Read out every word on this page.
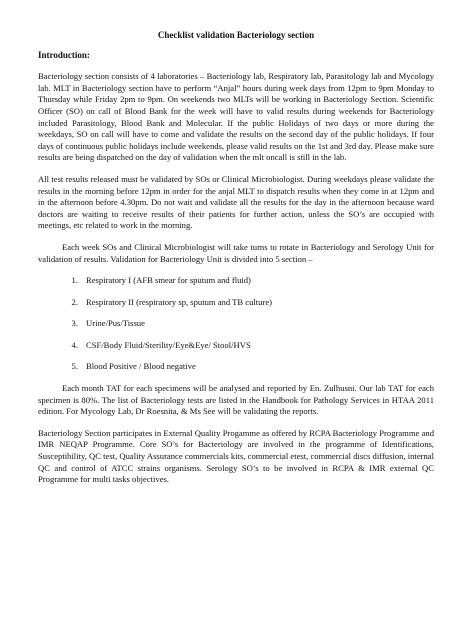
Checklist validation Bacteriology section
Introduction:

Bacteriology section consists of 4 laboratories – Bacteriology lab, Respiratory lab, Parasitology lab and Mycology lab. MLT in Bacteriology section have to perform “Anjal” hours during week days from 12pm to 9pm Monday to Thursday while Friday 2pm to 9pm. On weekends two MLTs will be working in Bacteriology Section. Scientific Officer (SO) on call of Blood Bank for the week will have to valid results during weekends for Bacteriology included Parasitology, Blood Bank and Molecular. If the public Holidays of two days or more during the weekdays, SO on call will have to come and validate the results on the second day of the public holidays. If four days of continuous public holidays include weekends, please valid results on the 1st and 3rd day. Please make sure results are being dispatched on the day of validation when the mlt oncall is still in the lab.

All test results released must be validated by SOs or Clinical Microbiologist. During weekdays please validate the results in the morning before 12pm in order for the anjal MLT to dispatch results when they come in at 12pm and in the afternoon before 4.30pm. Do not wait and validate all the results for the day in the afternoon because ward doctors are waiting to receive results of their patients for further action, unless the SO’s are occupied with meetings, etc related to work in the morning.

Each week SOs and Clinical Microbiologist will take turns to rotate in Bacteriology and Serology Unit for validation of results. Validation for Bacteriology Unit is divided into 5 section –

1. Respiratory I (AFB smear for sputum and fluid)
2. Respiratory II (respiratory sp, sputum and TB culture)
3. Urine/Pus/Tissue
4. CSF/Body Fluid/Sterility/Eye&Eye/ Stool/HVS
5. Blood Positive / Blood negative

Each month TAT for each specimens will be analysed and reported by En. Zulhusni. Our lab TAT for each specimen is 80%. The list of Bacteriology tests are listed in the Handbook for Pathology Services in HTAA 2011 edition. For Mycology Lab, Dr Roesnita, & Ms See will be validating the reports.

Bacteriology Section participates in External Quality Progamme as offered by RCPA Bacteriology Programme and IMR NEQAP Programme. Core SO’s for Bacteriology are involved in the programme of Identifications, Susceptibility, QC test, Quality Assurance commercials kits, commercial etest, commercial discs diffusion, internal QC and control of ATCC strains organisms. Serology SO’s to be involved in RCPA & IMR external QC Programme for multi tasks objectives.
